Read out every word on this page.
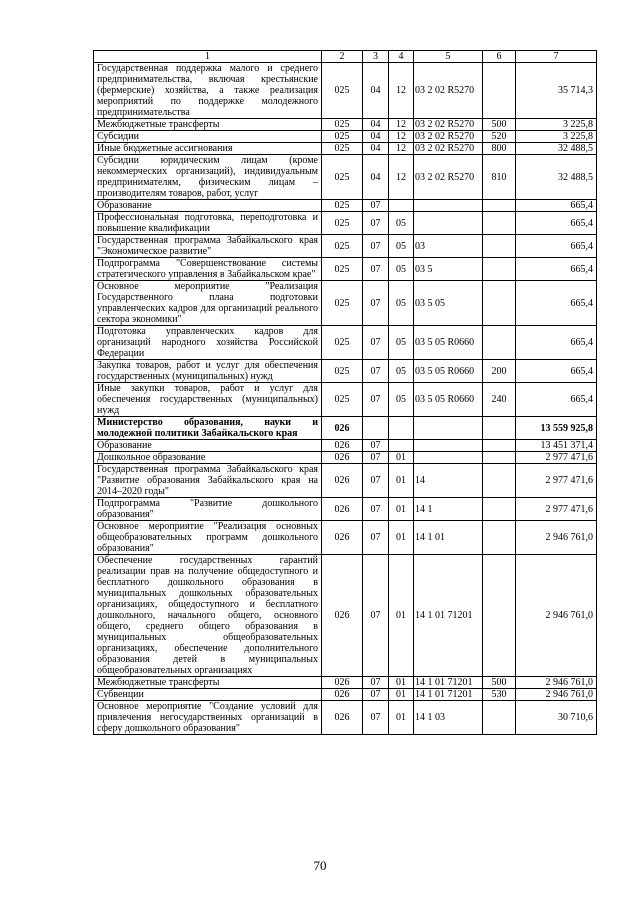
1	2	3	4	5	6	7
Государственная поддержка малого и среднего предпринимательства, включая крестьянские (фермерские) хозяйства, а также реализация мероприятий по поддержке молодежного предпринимательства	025	04	12	03 2 02 R5270		35 714,3
Межбюджетные трансферты	025	04	12	03 2 02 R5270	500	3 225,8
Субсидии	025	04	12	03 2 02 R5270	520	3 225,8
Иные бюджетные ассигнования	025	04	12	03 2 02 R5270	800	32 488,5
Субсидии юридическим лицам (кроме некоммерческих организаций), индивидуальным предпринимателям, физическим лицам – производителям товаров, работ, услуг	025	04	12	03 2 02 R5270	810	32 488,5
Образование	025	07				665,4
Профессиональная подготовка, переподготовка и повышение квалификации	025	07	05			665,4
Государственная программа Забайкальского края "Экономическое развитие"	025	07	05	03		665,4
Подпрограмма "Совершенствование системы стратегического управления в Забайкальском крае"	025	07	05	03 5		665,4
Основное мероприятие "Реализация Государственного плана подготовки управленческих кадров для организаций реального сектора экономики"	025	07	05	03 5 05		665,4
Подготовка управленческих кадров для организаций народного хозяйства Российской Федерации	025	07	05	03 5 05 R0660		665,4
Закупка товаров, работ и услуг для обеспечения государственных (муниципальных) нужд	025	07	05	03 5 05 R0660	200	665,4
Иные закупки товаров, работ и услуг для обеспечения государственных (муниципальных) нужд	025	07	05	03 5 05 R0660	240	665,4
Министерство образования, науки и молодежной политики Забайкальского края	026					13 559 925,8
Образование	026	07				13 451 371,4
Дошкольное образование	026	07	01			2 977 471,6
Государственная программа Забайкальского края "Развитие образования Забайкальского края на 2014–2020 годы"	026	07	01	14		2 977 471,6
Подпрограмма "Развитие дошкольного образования"	026	07	01	14 1		2 977 471,6
Основное мероприятие "Реализация основных общеобразовательных программ дошкольного образования"	026	07	01	14 1 01		2 946 761,0
Обеспечение государственных гарантий реализации прав на получение общедоступного и бесплатного дошкольного образования в муниципальных дошкольных образовательных организациях, общедоступного и бесплатного дошкольного, начального общего, основного общего, среднего общего образования в муниципальных общеобразовательных организациях, обеспечение дополнительного образования детей в муниципальных общеобразовательных организациях	026	07	01	14 1 01 71201		2 946 761,0
Межбюджетные трансферты	026	07	01	14 1 01 71201	500	2 946 761,0
Субвенции	026	07	01	14 1 01 71201	530	2 946 761,0
Основное мероприятие "Создание условий для привлечения негосударственных организаций в сферу дошкольного образования"	026	07	01	14 1 03		30 710,6
70
